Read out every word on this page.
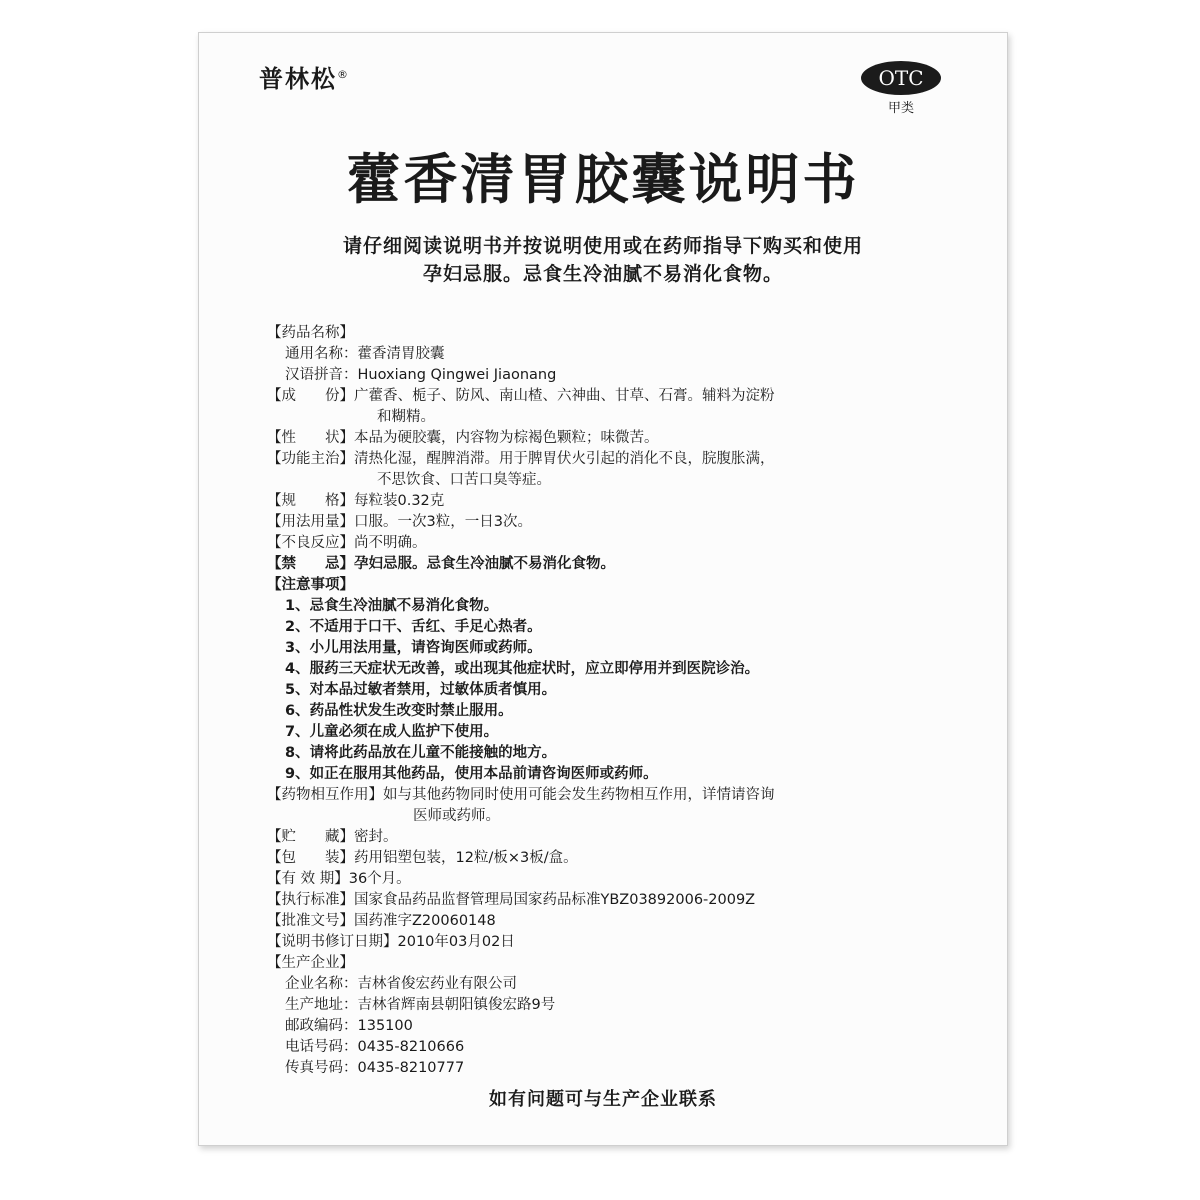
普林松®	OTC
甲类
藿香清胃胶囊说明书
请仔细阅读说明书并按说明使用或在药师指导下购买和使用
孕妇忌服。忌食生冷油腻不易消化食物。
【药品名称】
通用名称：藿香清胃胶囊
汉语拼音：Huoxiang Qingwei Jiaonang
【成　　份】广藿香、栀子、防风、南山楂、六神曲、甘草、石膏。辅料为淀粉
和糊精。
【性　　状】本品为硬胶囊，内容物为棕褐色颗粒；味微苦。
【功能主治】清热化湿，醒脾消滞。用于脾胃伏火引起的消化不良，脘腹胀满，
不思饮食、口苦口臭等症。
【规　　格】每粒装0.32克
【用法用量】口服。一次3粒，一日3次。
【不良反应】尚不明确。
【禁　　忌】孕妇忌服。忌食生冷油腻不易消化食物。
【注意事项】
1、忌食生冷油腻不易消化食物。
2、不适用于口干、舌红、手足心热者。
3、小儿用法用量，请咨询医师或药师。
4、服药三天症状无改善，或出现其他症状时，应立即停用并到医院诊治。
5、对本品过敏者禁用，过敏体质者慎用。
6、药品性状发生改变时禁止服用。
7、儿童必须在成人监护下使用。
8、请将此药品放在儿童不能接触的地方。
9、如正在服用其他药品，使用本品前请咨询医师或药师。
【药物相互作用】如与其他药物同时使用可能会发生药物相互作用，详情请咨询
医师或药师。
【贮　　藏】密封。
【包　　装】药用铝塑包装，12粒/板×3板/盒。
【有 效 期】36个月。
【执行标准】国家食品药品监督管理局国家药品标准YBZ03892006-2009Z
【批准文号】国药准字Z20060148
【说明书修订日期】2010年03月02日
【生产企业】
企业名称：吉林省俊宏药业有限公司
生产地址：吉林省辉南县朝阳镇俊宏路9号
邮政编码：135100
电话号码：0435-8210666
传真号码：0435-8210777
如有问题可与生产企业联系
